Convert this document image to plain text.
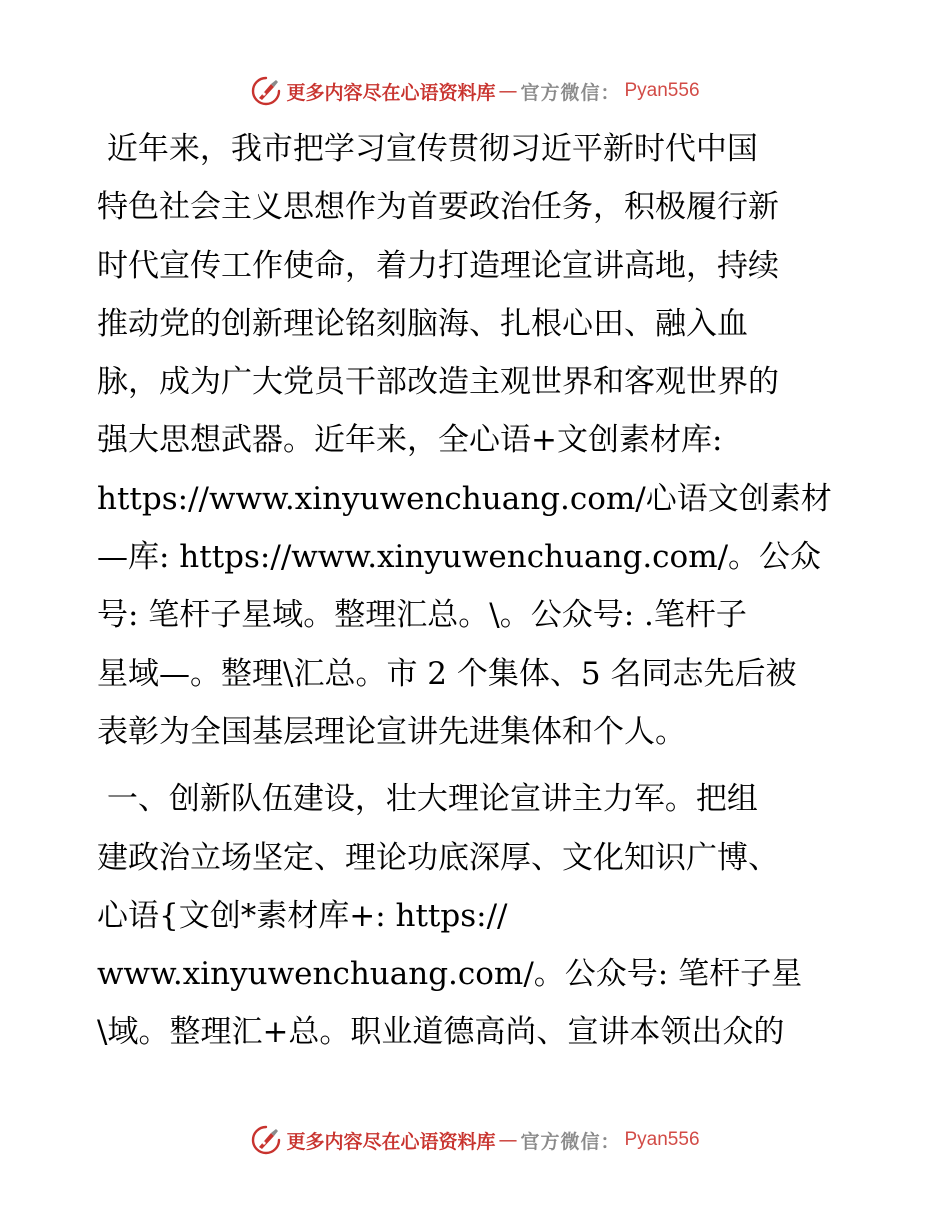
更多内容尽在心语资料库 — 官方微信： Pyan556

近年来，我市把学习宣传贯彻习近平新时代中国

特色社会主义思想作为首要政治任务，积极履行新

时代宣传工作使命，着力打造理论宣讲高地，持续

推动党的创新理论铭刻脑海、扎根心田、融入血

脉，成为广大党员干部改造主观世界和客观世界的

强大思想武器。近年来，全心语+文创素材库:

https://www.xinyuwenchuang.com/心语文创素材

—库: https://www.xinyuwenchuang.com/。公众

号: 笔杆子星域。整理汇总。\。公众号: .笔杆子

星域—。整理\汇总。市 2 个集体、5 名同志先后被

表彰为全国基层理论宣讲先进集体和个人。

一、创新队伍建设，壮大理论宣讲主力军。把组

建政治立场坚定、理论功底深厚、文化知识广博、

心语{文创*素材库+: https://

www.xinyuwenchuang.com/。公众号: 笔杆子星

\域。整理汇+总。职业道德高尚、宣讲本领出众的

更多内容尽在心语资料库 — 官方微信： Pyan556
